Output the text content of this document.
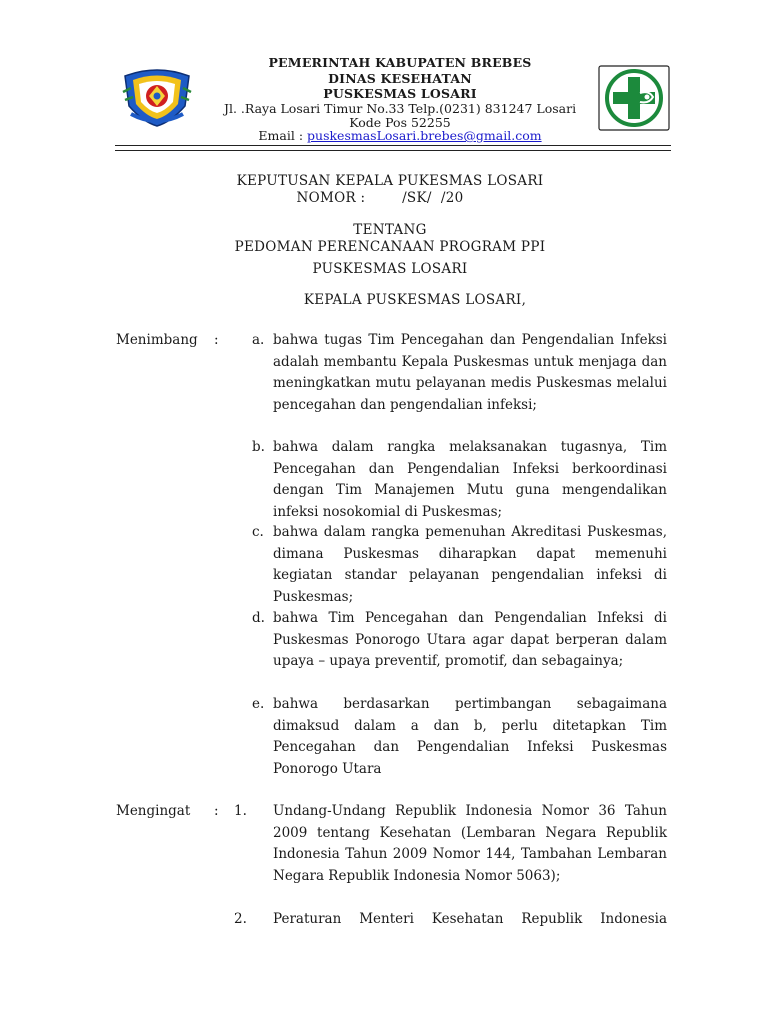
PEMERINTAH KABUPATEN BREBES
DINAS KESEHATAN
PUSKESMAS LOSARI
Jl. .Raya Losari Timur No.33 Telp.(0231) 831247 Losari
Kode Pos 52255
Email : puskesmasLosari.brebes@gmail.com
KEPUTUSAN KEPALA PUKESMAS LOSARI
NOMOR :        /SK/  /20
TENTANG
PEDOMAN PERENCANAAN PROGRAM PPI
PUSKESMAS LOSARI
KEPALA PUSKESMAS LOSARI,
Menimbang : a. bahwa tugas Tim Pencegahan dan Pengendalian Infeksi adalah membantu Kepala Puskesmas untuk menjaga dan meningkatkan mutu pelayanan medis Puskesmas melalui pencegahan dan pengendalian infeksi;
b. bahwa dalam rangka melaksanakan tugasnya, Tim Pencegahan dan Pengendalian Infeksi berkoordinasi dengan Tim Manajemen Mutu guna mengendalikan infeksi nosokomial di Puskesmas;
c. bahwa dalam rangka pemenuhan Akreditasi Puskesmas, dimana Puskesmas diharapkan dapat memenuhi kegiatan standar pelayanan pengendalian infeksi di Puskesmas;
d. bahwa Tim Pencegahan dan Pengendalian Infeksi di Puskesmas Ponorogo Utara agar dapat berperan dalam upaya – upaya preventif, promotif, dan sebagainya;
e. bahwa berdasarkan pertimbangan sebagaimana dimaksud dalam a dan b, perlu ditetapkan Tim Pencegahan dan Pengendalian Infeksi Puskesmas Ponorogo Utara
Mengingat : 1. Undang-Undang Republik Indonesia Nomor 36 Tahun 2009 tentang Kesehatan (Lembaran Negara Republik Indonesia Tahun 2009 Nomor 144, Tambahan Lembaran Negara Republik Indonesia Nomor 5063);
2. Peraturan Menteri Kesehatan Republik Indonesia
